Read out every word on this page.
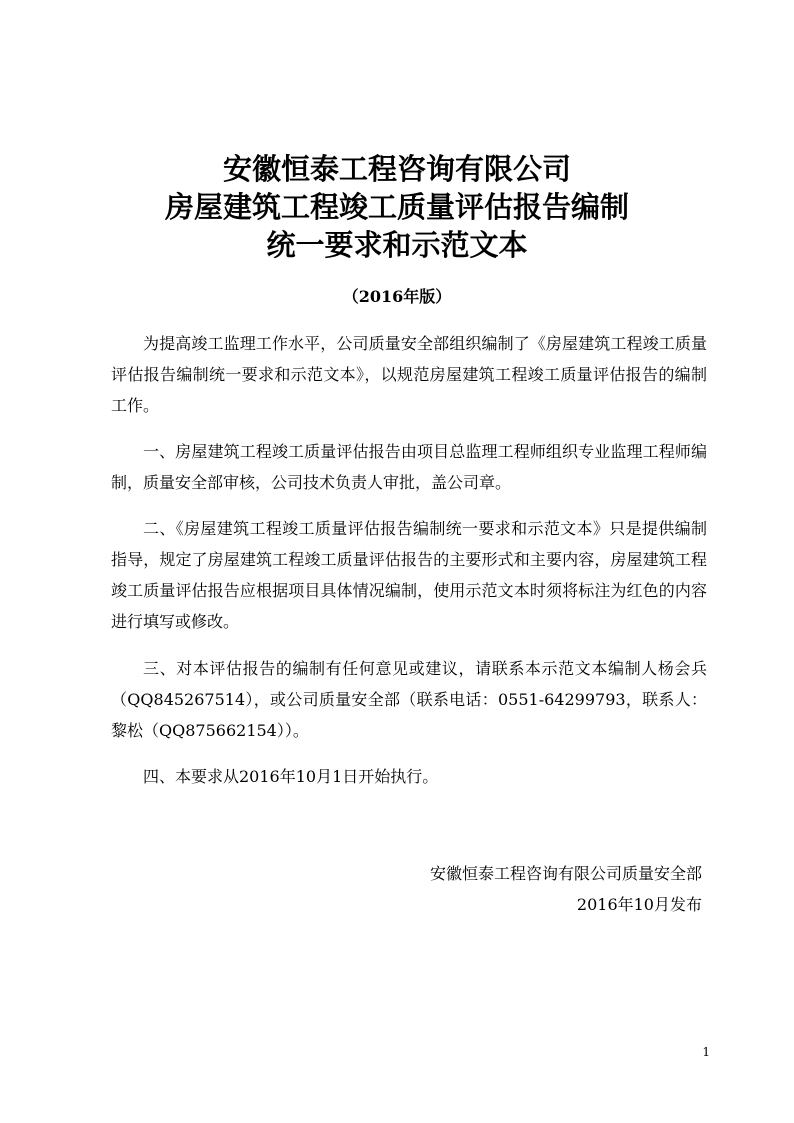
安徽恒泰工程咨询有限公司

房屋建筑工程竣工质量评估报告编制

统一要求和示范文本

（2016年版）

为提高竣工监理工作水平，公司质量安全部组织编制了《房屋建筑工程竣工质量评估报告编制统一要求和示范文本》，以规范房屋建筑工程竣工质量评估报告的编制工作。

一、房屋建筑工程竣工质量评估报告由项目总监理工程师组织专业监理工程师编制，质量安全部审核，公司技术负责人审批，盖公司章。

二、《房屋建筑工程竣工质量评估报告编制统一要求和示范文本》只是提供编制指导，规定了房屋建筑工程竣工质量评估报告的主要形式和主要内容，房屋建筑工程竣工质量评估报告应根据项目具体情况编制，使用示范文本时须将标注为红色的内容进行填写或修改。

三、对本评估报告的编制有任何意见或建议，请联系本示范文本编制人杨会兵（QQ845267514），或公司质量安全部（联系电话：0551-64299793，联系人：黎松（QQ875662154））。

四、本要求从2016年10月1日开始执行。

安徽恒泰工程咨询有限公司质量安全部
2016年10月发布
1
